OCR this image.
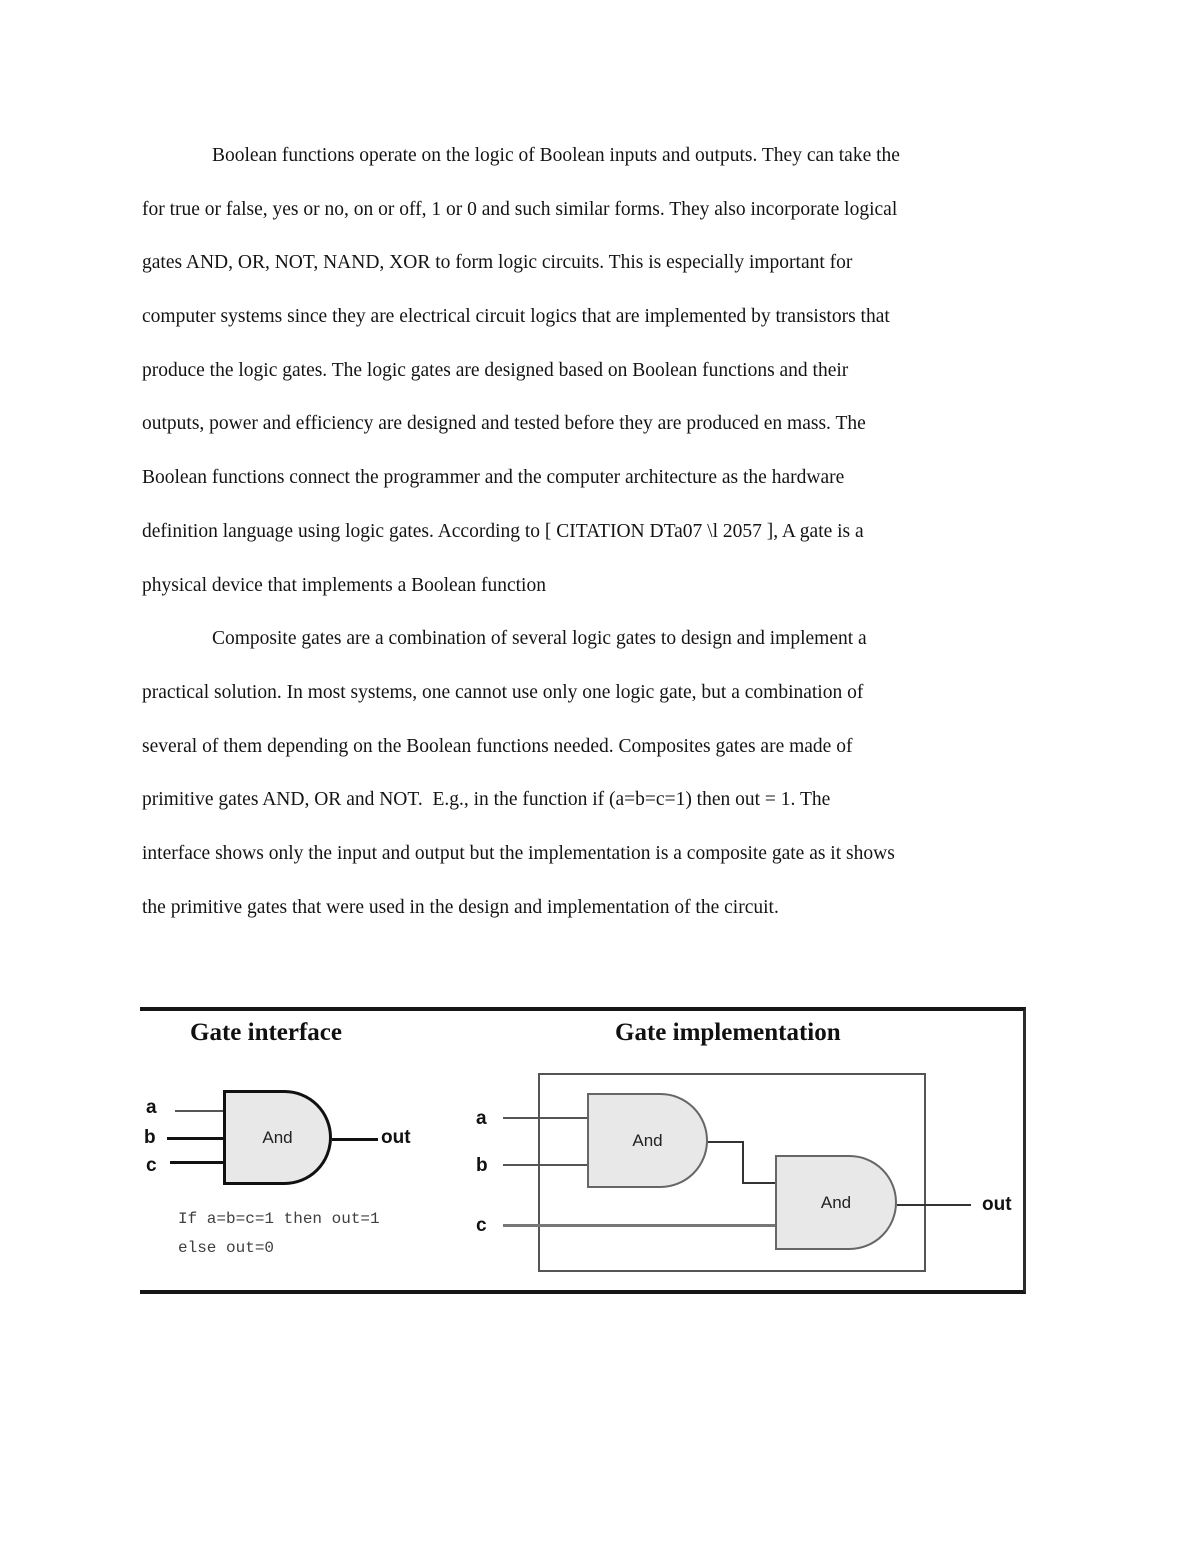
Boolean functions operate on the logic of Boolean inputs and outputs. They can take the
for true or false, yes or no, on or off, 1 or 0 and such similar forms. They also incorporate logical
gates AND, OR, NOT, NAND, XOR to form logic circuits. This is especially important for
computer systems since they are electrical circuit logics that are implemented by transistors that
produce the logic gates. The logic gates are designed based on Boolean functions and their
outputs, power and efficiency are designed and tested before they are produced en mass. The
Boolean functions connect the programmer and the computer architecture as the hardware
definition language using logic gates. According to [ CITATION DTa07 \l 2057 ], A gate is a
physical device that implements a Boolean function
Composite gates are a combination of several logic gates to design and implement a
practical solution. In most systems, one cannot use only one logic gate, but a combination of
several of them depending on the Boolean functions needed. Composites gates are made of
primitive gates AND, OR and NOT.  E.g., in the function if (a=b=c=1) then out = 1. The
interface shows only the input and output but the implementation is a composite gate as it shows
the primitive gates that were used in the design and implementation of the circuit.
Gate interface
a
b
c
And	out
If a=b=c=1 then out=1
else out=0
Gate implementation
a
b
c
And
And	out
